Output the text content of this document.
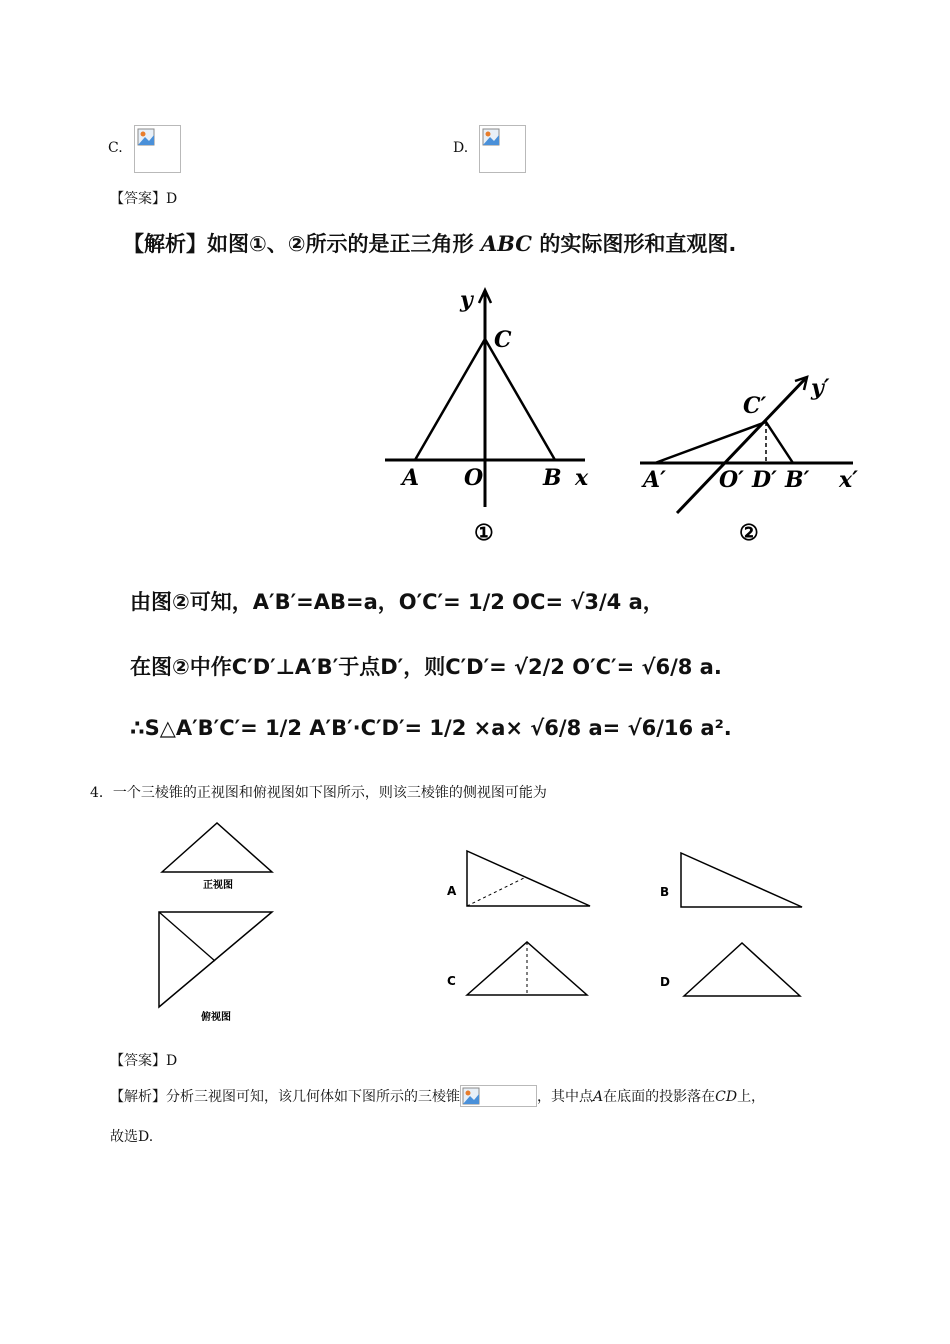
C.	D.
【答案】D
【解析】如图①、②所示的是正三角形 ABC 的实际图形和直观图.
y
C
A O	B x
①
C′
y′
A′ O′ D′ B′ x′
②
由图②可知，A′B′=AB=a，O′C′= 1/2 OC= √3/4 a，
在图②中作C′D′⊥A′B′于点D′，则C′D′= √2/2 O′C′= √6/8 a.
∴S△A′B′C′= 1/2 A′B′·C′D′= 1/2 ×a× √6/8 a= √6/16 a².
4．一个三棱锥的正视图和俯视图如下图所示，则该三棱锥的侧视图可能为
正视图
俯视图
A	B
C	D
【答案】D
【解析】分析三视图可知，该几何体如下图所示的三棱锥	，其中点A在底面的投影落在CD上，
故选D.
